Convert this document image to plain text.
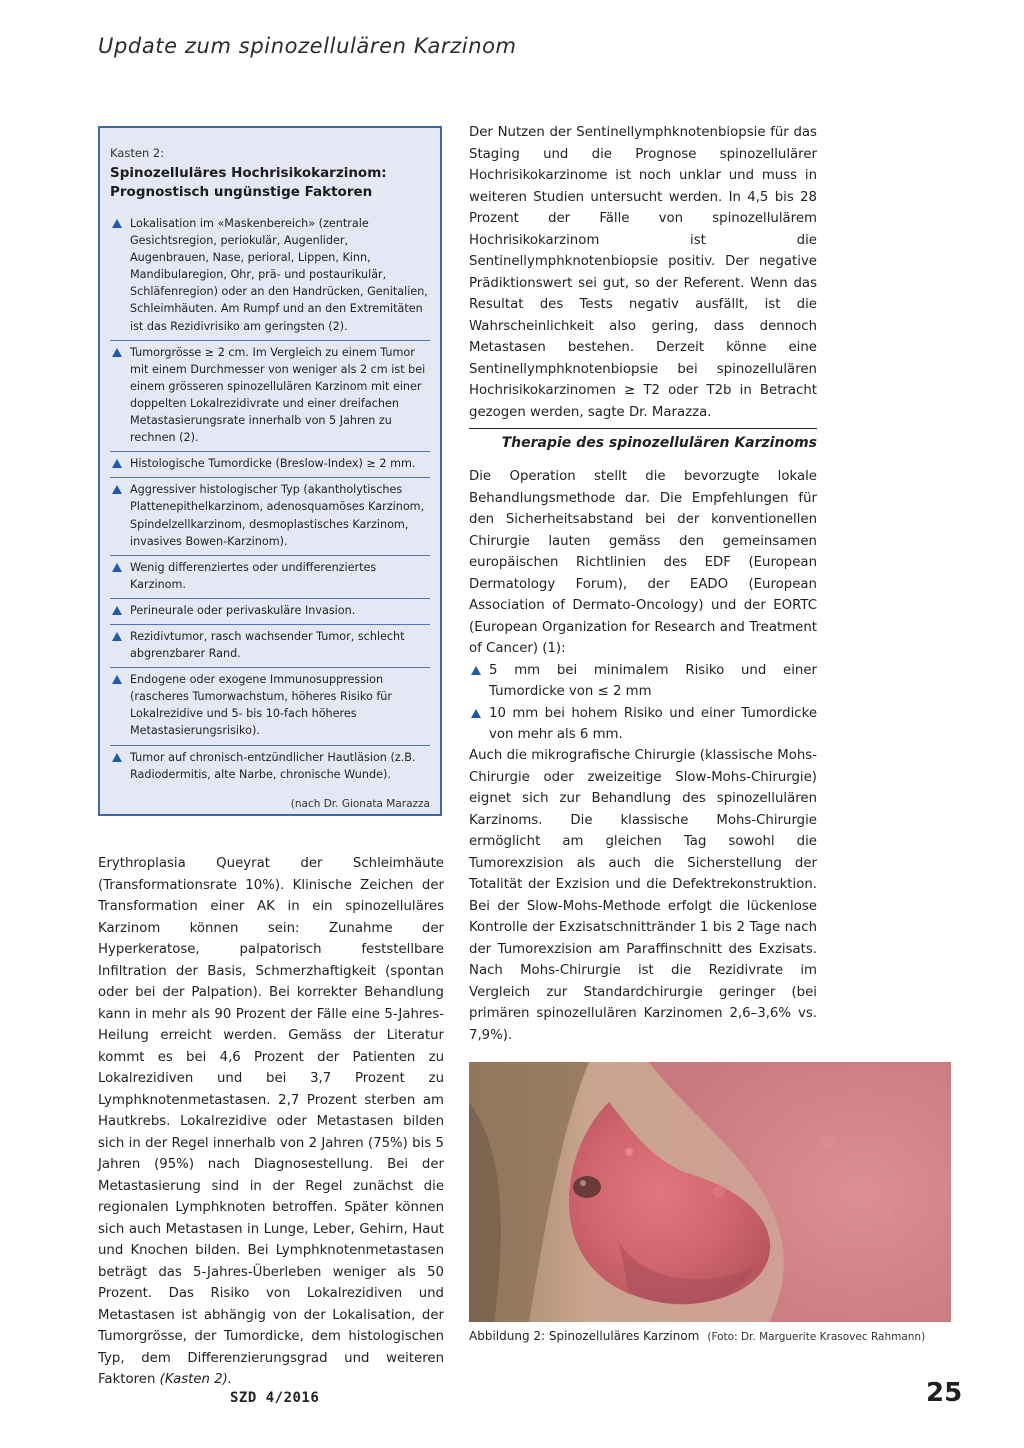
Update zum spinozellulären Karzinom
Kasten 2:
Spinozelluläres Hochrisikokarzinom: Prognostisch ungünstige Faktoren
Lokalisation im «Maskenbereich» (zentrale Gesichtsregion, periokulär, Augenlider, Augenbrauen, Nase, perioral, Lippen, Kinn, Mandibularegion, Ohr, prä- und postaurikulär, Schläfenregion) oder an den Handrücken, Genitalien, Schleimhäuten. Am Rumpf und an den Extremitäten ist das Rezidivrisiko am geringsten (2).
Tumorgrösse ≥ 2 cm. Im Vergleich zu einem Tumor mit einem Durchmesser von weniger als 2 cm ist bei einem grösseren spinozellulären Karzinom mit einer doppelten Lokalrezidivrate und einer dreifachen Metastasierungsrate innerhalb von 5 Jahren zu rechnen (2).
Histologische Tumordicke (Breslow-Index) ≥ 2 mm.
Aggressiver histologischer Typ (akantholytisches Plattenepithelkarzinom, adenosquamöses Karzinom, Spindelzellkarzinom, desmoplastisches Karzinom, invasives Bowen-Karzinom).
Wenig differenziertes oder undifferenziertes Karzinom.
Perineurale oder perivaskuläre Invasion.
Rezidivtumor, rasch wachsender Tumor, schlecht abgrenzbarer Rand.
Endogene oder exogene Immunosuppression (rascheres Tumorwachstum, höheres Risiko für Lokalrezidive und 5- bis 10-fach höheres Metastasierungsrisiko).
Tumor auf chronisch-entzündlicher Hautläsion (z.B. Radiodermitis, alte Narbe, chronische Wunde).
(nach Dr. Gionata Marazza

Erythroplasia Queyrat der Schleimhäute (Transformationsrate 10%). Klinische Zeichen der Transformation einer AK in ein spinozelluläres Karzinom können sein: Zunahme der Hyperkeratose, palpatorisch feststellbare Infiltration der Basis, Schmerzhaftigkeit (spontan oder bei der Palpation). Bei korrekter Behandlung kann in mehr als 90 Prozent der Fälle eine 5-Jahres-Heilung erreicht werden. Gemäss der Literatur kommt es bei 4,6 Prozent der Patienten zu Lokalrezidiven und bei 3,7 Prozent zu Lymphknotenmetastasen. 2,7 Prozent sterben am Hautkrebs. Lokalrezidive oder Metastasen bilden sich in der Regel innerhalb von 2 Jahren (75%) bis 5 Jahren (95%) nach Diagnosestellung. Bei der Metastasierung sind in der Regel zunächst die regionalen Lymphknoten betroffen. Später können sich auch Metastasen in Lunge, Leber, Gehirn, Haut und Knochen bilden. Bei Lymphknotenmetastasen beträgt das 5-Jahres-Überleben weniger als 50 Prozent. Das Risiko von Lokalrezidiven und Metastasen ist abhängig von der Lokalisation, der Tumorgrösse, der Tumordicke, dem histologischen Typ, dem Differenzierungsgrad und weiteren Faktoren (Kasten 2).

Der Nutzen der Sentinellymphknotenbiopsie für das Staging und die Prognose spinozellulärer Hochrisikokarzinome ist noch unklar und muss in weiteren Studien untersucht werden. In 4,5 bis 28 Prozent der Fälle von spinozellulärem Hochrisikokarzinom ist die Sentinellymphknotenbiopsie positiv. Der negative Prädiktionswert sei gut, so der Referent. Wenn das Resultat des Tests negativ ausfällt, ist die Wahrscheinlichkeit also gering, dass dennoch Metastasen bestehen. Derzeit könne eine Sentinellymphknotenbiopsie bei spinozellulären Hochrisikokarzinomen ≥ T2 oder T2b in Betracht gezogen werden, sagte Dr. Marazza.

Therapie des spinozellulären Karzinoms

Die Operation stellt die bevorzugte lokale Behandlungsmethode dar. Die Empfehlungen für den Sicherheitsabstand bei der konventionellen Chirurgie lauten gemäss den gemeinsamen europäischen Richtlinien des EDF (European Dermatology Forum), der EADO (European Association of Dermato-Oncology) und der EORTC (European Organization for Research and Treatment of Cancer) (1):

5 mm bei minimalem Risiko und einer Tumordicke von ≤ 2 mm

10 mm bei hohem Risiko und einer Tumordicke von mehr als 6 mm.

Auch die mikrografische Chirurgie (klassische Mohs-Chirurgie oder zweizeitige Slow-Mohs-Chirurgie) eignet sich zur Behandlung des spinozellulären Karzinoms. Die klassische Mohs-Chirurgie ermöglicht am gleichen Tag sowohl die Tumorexzision als auch die Sicherstellung der Totalität der Exzision und die Defektrekonstruktion. Bei der Slow-Mohs-Methode erfolgt die lückenlose Kontrolle der Exzisatschnittränder 1 bis 2 Tage nach der Tumorexzision am Paraffinschnitt des Exzisats. Nach Mohs-Chirurgie ist die Rezidivrate im Vergleich zur Standardchirurgie geringer (bei primären spinozellulären Karzinomen 2,6–3,6% vs. 7,9%).

Abbildung 2: Spinozelluläres Karzinom (Foto: Dr. Marguerite Krasovec Rahmann)
SZD 4/2016	25
